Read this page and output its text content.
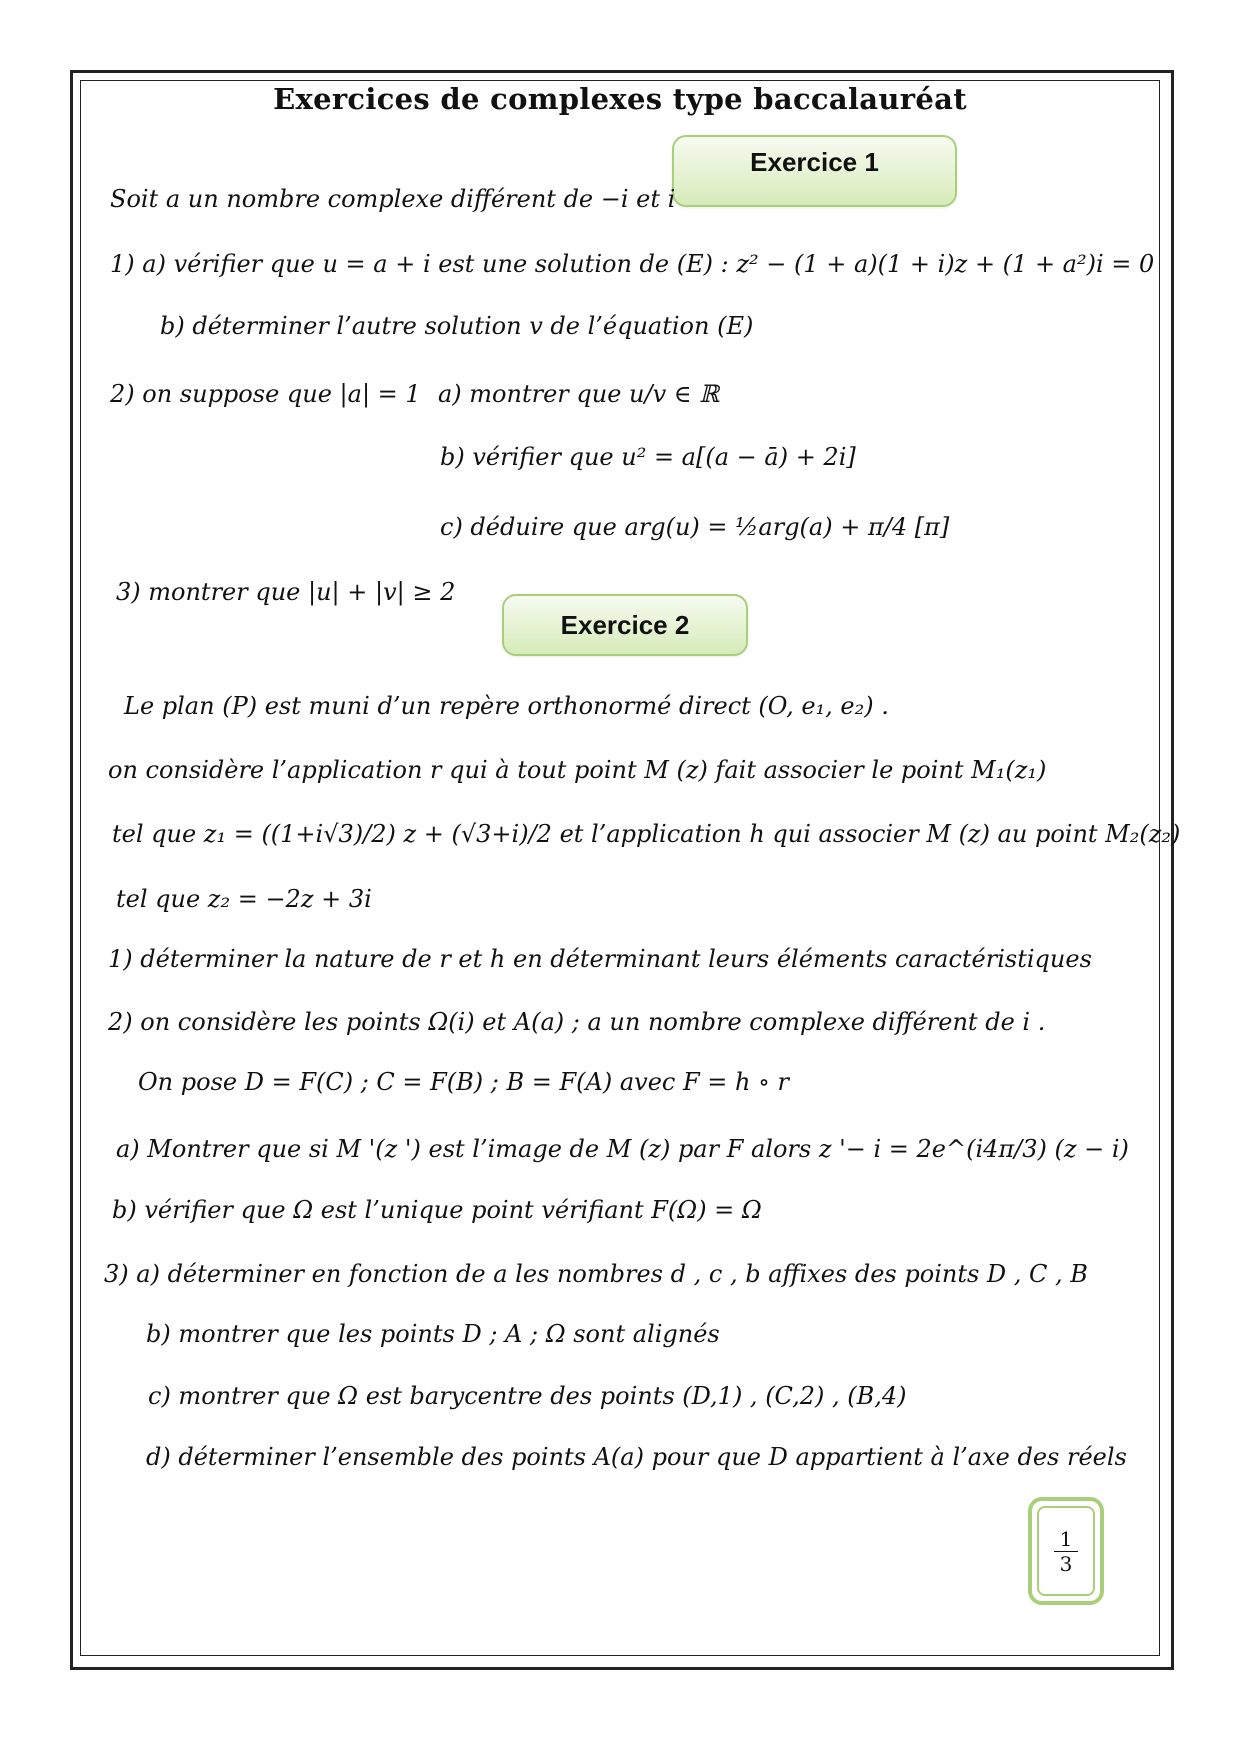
Exercices de complexes type baccalauréat
Exercice 1
Soit a un nombre complexe différent de −i et i
1) a) vérifier que u = a + i est une solution de (E) : z² − (1 + a)(1 + i)z + (1 + a²)i = 0
b) déterminer l’autre solution v de l’équation (E)
2) on suppose que |a| = 1 a) montrer que u/v ∈ ℝ
b) vérifier que u² = a[(a − ā) + 2i]
c) déduire que arg(u) = ½arg(a) + π/4 [π]
3) montrer que |u| + |v| ≥ 2
Exercice 2
Le plan (P) est muni d’un repère orthonormé direct (O, e₁, e₂) .
on considère l’application r qui à tout point M (z) fait associer le point M₁(z₁)
tel que z₁ = ((1+i√3)/2) z + (√3+i)/2 et l’application h qui associer M (z) au point M₂(z₂)
tel que z₂ = −2z + 3i
1) déterminer la nature de r et h en déterminant leurs éléments caractéristiques
2) on considère les points Ω(i) et A(a) ; a un nombre complexe différent de i .
On pose D = F(C) ; C = F(B) ; B = F(A) avec F = h ∘ r
a) Montrer que si M '(z ') est l’image de M (z) par F alors z '− i = 2e^(i4π/3) (z − i)
b) vérifier que Ω est l’unique point vérifiant F(Ω) = Ω
3) a) déterminer en fonction de a les nombres d , c , b affixes des points D , C , B
b) montrer que les points D ; A ; Ω sont alignés
c) montrer que Ω est barycentre des points (D,1) , (C,2) , (B,4)
d) déterminer l’ensemble des points A(a) pour que D appartient à l’axe des réels
$\frac{1}{3}$
